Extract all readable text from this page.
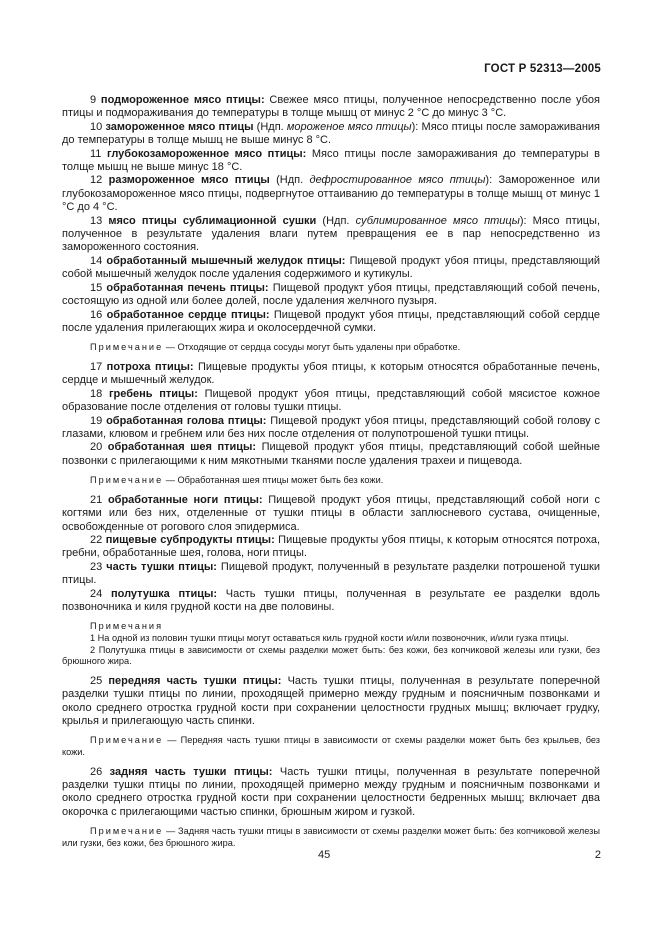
ГОСТ Р 52313—2005

9 подмороженное мясо птицы: Свежее мясо птицы, полученное непосредственно после убоя птицы и подмораживания до температуры в толще мышц от минус 2 °С до минус 3 °С.

10 замороженное мясо птицы (Ндп. мороженое мясо птицы): Мясо птицы после замораживания до температуры в толще мышц не выше минус 8 °С.

11 глубокозамороженное мясо птицы: Мясо птицы после замораживания до температуры в толще мышц не выше минус 18 °С.

12 размороженное мясо птицы (Ндп. дефростированное мясо птицы): Замороженное или глубокозамороженное мясо птицы, подвергнутое оттаиванию до температуры в толще мышц от минус 1 °С до 4 °С.

13 мясо птицы сублимационной сушки (Ндп. сублимированное мясо птицы): Мясо птицы, полученное в результате удаления влаги путем превращения ее в пар непосредственно из замороженного состояния.

14 обработанный мышечный желудок птицы: Пищевой продукт убоя птицы, представляющий собой мышечный желудок после удаления содержимого и кутикулы.

15 обработанная печень птицы: Пищевой продукт убоя птицы, представляющий собой печень, состоящую из одной или более долей, после удаления желчного пузыря.

16 обработанное сердце птицы: Пищевой продукт убоя птицы, представляющий собой сердце после удаления прилегающих жира и околосердечной сумки.

Примечание — Отходящие от сердца сосуды могут быть удалены при обработке.

17 потроха птицы: Пищевые продукты убоя птицы, к которым относятся обработанные печень, сердце и мышечный желудок.

18 гребень птицы: Пищевой продукт убоя птицы, представляющий собой мясистое кожное образование после отделения от головы тушки птицы.

19 обработанная голова птицы: Пищевой продукт убоя птицы, представляющий собой голову с глазами, клювом и гребнем или без них после отделения от полупотрошеной тушки птицы.

20 обработанная шея птицы: Пищевой продукт убоя птицы, представляющий собой шейные позвонки с прилегающими к ним мякотными тканями после удаления трахеи и пищевода.

Примечание — Обработанная шея птицы может быть без кожи.

21 обработанные ноги птицы: Пищевой продукт убоя птицы, представляющий собой ноги с когтями или без них, отделенные от тушки птицы в области заплюсневого сустава, очищенные, освобожденные от рогового слоя эпидермиса.

22 пищевые субпродукты птицы: Пищевые продукты убоя птицы, к которым относятся потроха, гребни, обработанные шея, голова, ноги птицы.

23 часть тушки птицы: Пищевой продукт, полученный в результате разделки потрошеной тушки птицы.

24 полутушка птицы: Часть тушки птицы, полученная в результате ее разделки вдоль позвоночника и киля грудной кости на две половины.

Примечания

1 На одной из половин тушки птицы могут оставаться киль грудной кости и/или позвоночник, и/или гузка птицы.

2 Полутушка птицы в зависимости от схемы разделки может быть: без кожи, без копчиковой железы или гузки, без брюшного жира.

25 передняя часть тушки птицы: Часть тушки птицы, полученная в результате поперечной разделки тушки птицы по линии, проходящей примерно между грудным и поясничным позвонками и около среднего отростка грудной кости при сохранении целостности грудных мышц; включает грудку, крылья и прилегающую часть спинки.

Примечание — Передняя часть тушки птицы в зависимости от схемы разделки может быть без крыльев, без кожи.

26 задняя часть тушки птицы: Часть тушки птицы, полученная в результате поперечной разделки тушки птицы по линии, проходящей примерно между грудным и поясничным позвонками и около среднего отростка грудной кости при сохранении целостности бедренных мышц; включает два окорочка с прилегающими частью спинки, брюшным жиром и гузкой.

Примечание — Задняя часть тушки птицы в зависимости от схемы разделки может быть: без копчиковой железы или гузки, без кожи, без брюшного жира.

45	2
